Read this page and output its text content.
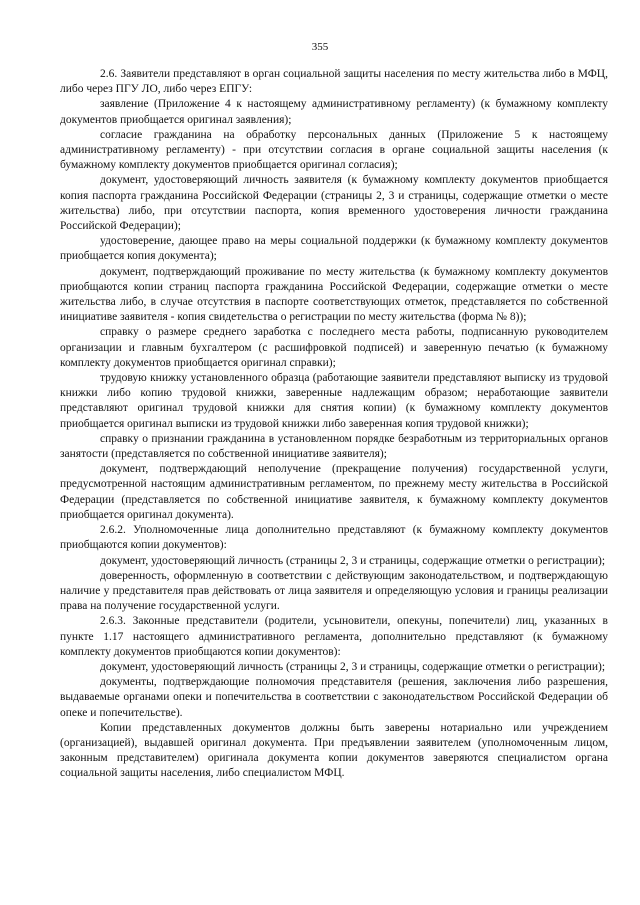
355

2.6. Заявители представляют в орган социальной защиты населения по месту жительства либо в МФЦ, либо через ПГУ ЛО, либо через ЕПГУ:

заявление (Приложение 4 к настоящему административному регламенту) (к бумажному комплекту документов приобщается оригинал заявления);

согласие гражданина на обработку персональных данных (Приложение 5 к настоящему административному регламенту) - при отсутствии согласия в органе социальной защиты населения (к бумажному комплекту документов приобщается оригинал согласия);

документ, удостоверяющий личность заявителя (к бумажному комплекту документов приобщается копия паспорта гражданина Российской Федерации (страницы 2, 3 и страницы, содержащие отметки о месте жительства) либо, при отсутствии паспорта, копия временного удостоверения личности гражданина Российской Федерации);

удостоверение, дающее право на меры социальной поддержки (к бумажному комплекту документов приобщается копия документа);

документ, подтверждающий проживание по месту жительства (к бумажному комплекту документов приобщаются копии страниц паспорта гражданина Российской Федерации, содержащие отметки о месте жительства либо, в случае отсутствия в паспорте соответствующих отметок, представляется по собственной инициативе заявителя - копия свидетельства о регистрации по месту жительства (форма № 8));

справку о размере среднего заработка с последнего места работы, подписанную руководителем организации и главным бухгалтером (с расшифровкой подписей) и заверенную печатью (к бумажному комплекту документов приобщается оригинал справки);

трудовую книжку установленного образца (работающие заявители представляют выписку из трудовой книжки либо копию трудовой книжки, заверенные надлежащим образом; неработающие заявители представляют оригинал трудовой книжки для снятия копии) (к бумажному комплекту документов приобщается оригинал выписки из трудовой книжки либо заверенная копия трудовой книжки);

справку о признании гражданина в установленном порядке безработным из территориальных органов занятости (представляется по собственной инициативе заявителя);

документ, подтверждающий неполучение (прекращение получения) государственной услуги, предусмотренной настоящим административным регламентом, по прежнему месту жительства в Российской Федерации (представляется по собственной инициативе заявителя, к бумажному комплекту документов приобщается оригинал документа).

2.6.2. Уполномоченные лица дополнительно представляют (к бумажному комплекту документов приобщаются копии документов):

документ, удостоверяющий личность (страницы 2, 3 и страницы, содержащие отметки о регистрации);

доверенность, оформленную в соответствии с действующим законодательством, и подтверждающую наличие у представителя прав действовать от лица заявителя и определяющую условия и границы реализации права на получение государственной услуги.

2.6.3. Законные представители (родители, усыновители, опекуны, попечители) лиц, указанных в пункте 1.17 настоящего административного регламента, дополнительно представляют (к бумажному комплекту документов приобщаются копии документов):

документ, удостоверяющий личность (страницы 2, 3 и страницы, содержащие отметки о регистрации);

документы, подтверждающие полномочия представителя (решения, заключения либо разрешения, выдаваемые органами опеки и попечительства в соответствии с законодательством Российской Федерации об опеке и попечительстве).

Копии представленных документов должны быть заверены нотариально или учреждением (организацией), выдавшей оригинал документа. При предъявлении заявителем (уполномоченным лицом, законным представителем) оригинала документа копии документов заверяются специалистом органа социальной защиты населения, либо специалистом МФЦ.
